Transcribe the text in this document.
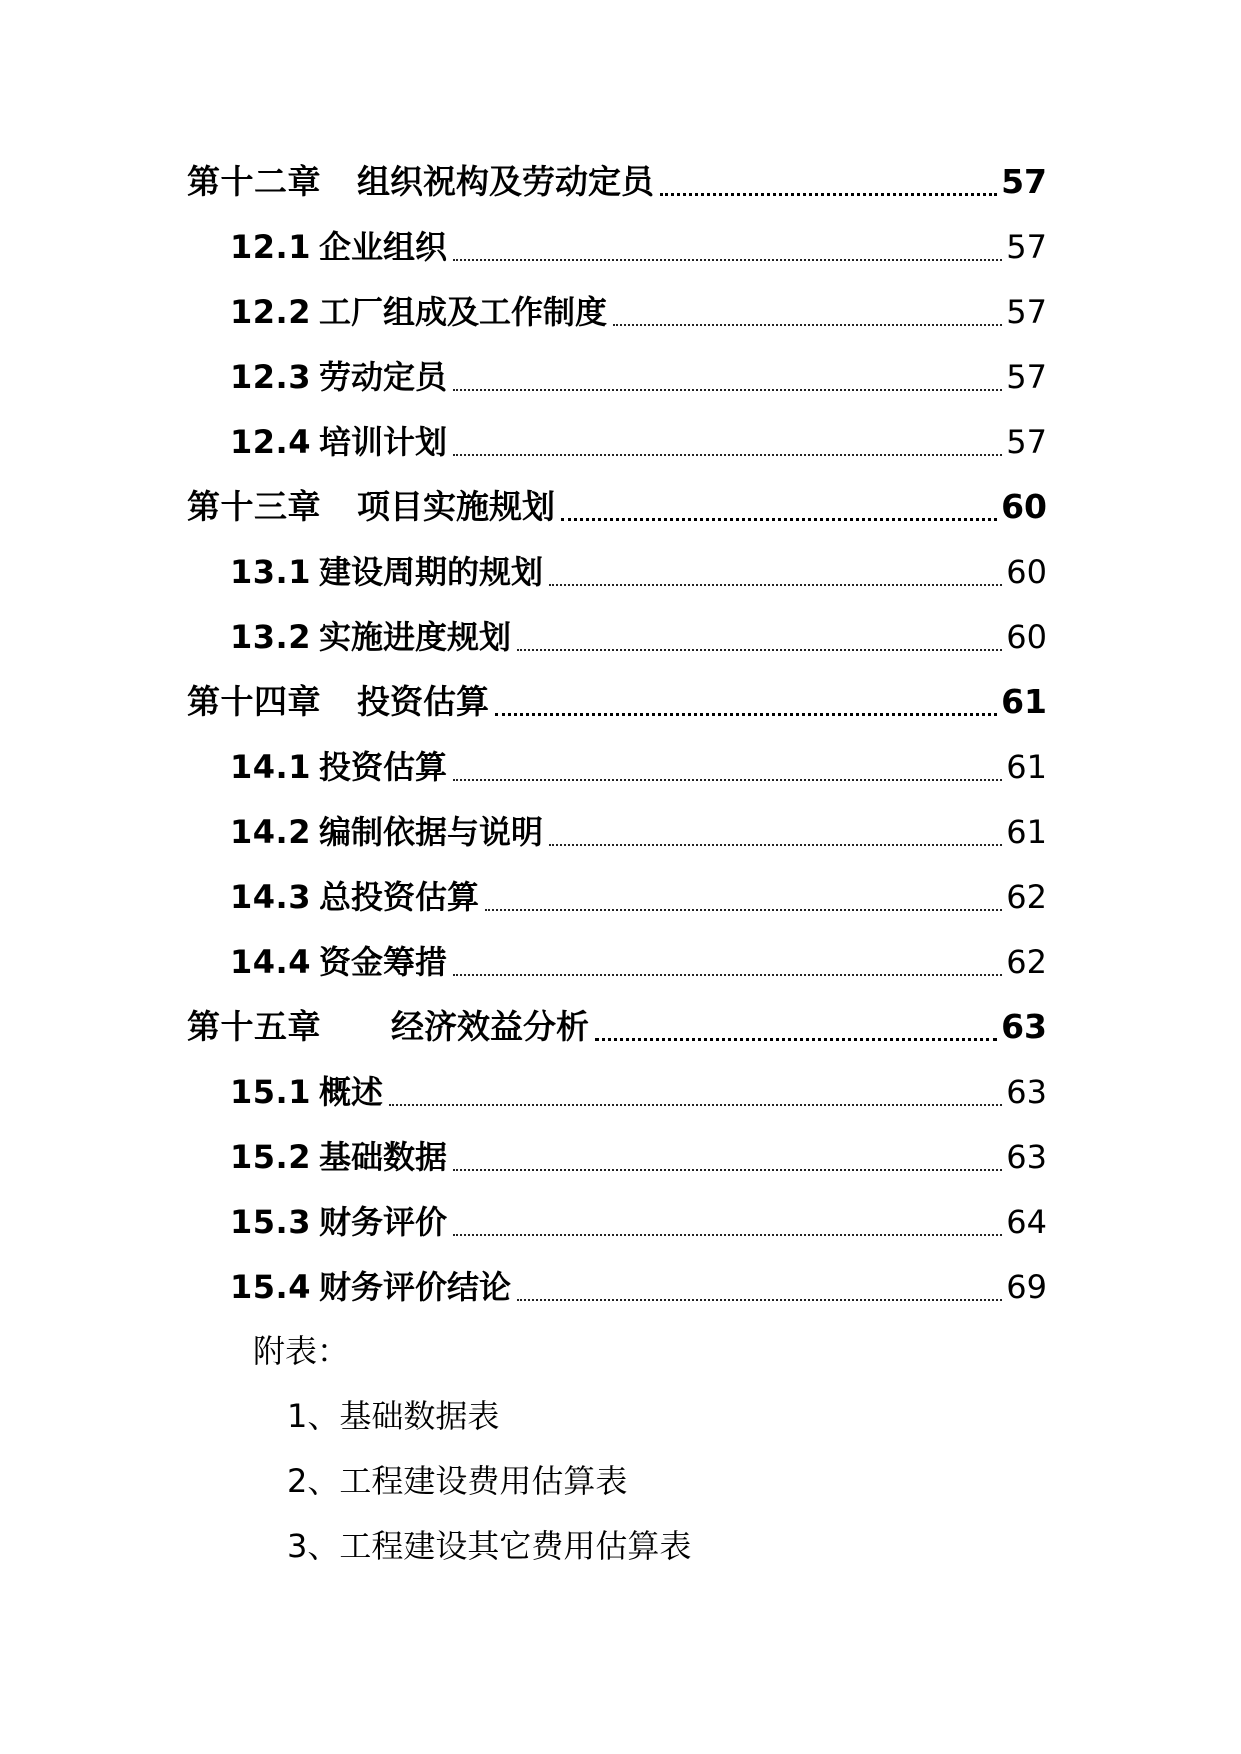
第十二章 组织祝构及劳动定员	57
12.1 企业组织	57
12.2 工厂组成及工作制度	57
12.3 劳动定员	57
12.4 培训计划	57
第十三章 项目实施规划	60
13.1 建设周期的规划	60
13.2 实施进度规划	60
第十四章 投资估算	61
14.1 投资估算	61
14.2 编制依据与说明	61
14.3 总投资估算	62
14.4 资金筹措	62
第十五章 经济效益分析	63
15.1 概述	63
15.2 基础数据	63
15.3 财务评价	64
15.4 财务评价结论	69
附表：
1、基础数据表
2、工程建设费用估算表
3、工程建设其它费用估算表
